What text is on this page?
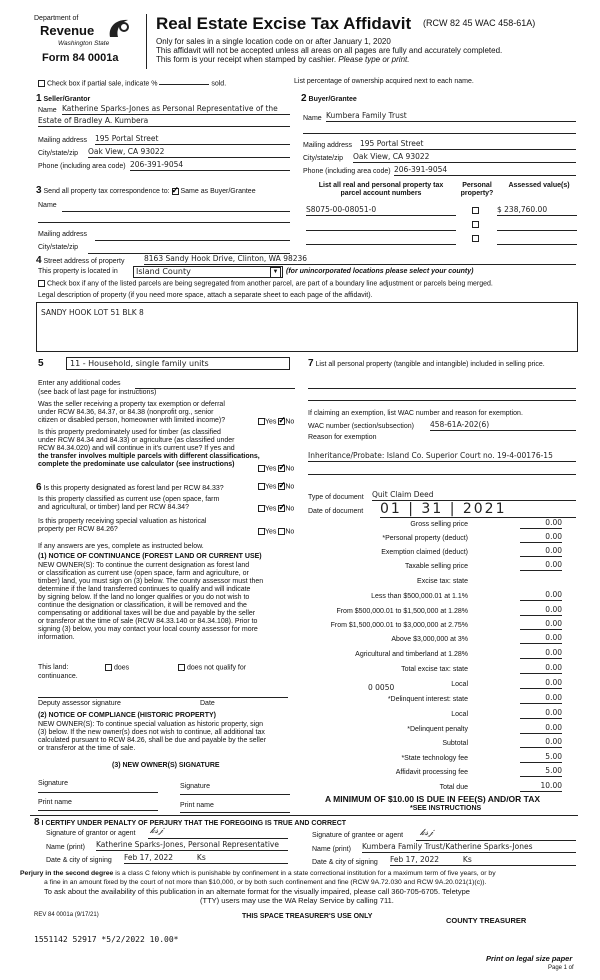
Department of
Revenue
Washington State
Form 84 0001a
Real Estate Excise Tax Affidavit (RCW 82 45 WAC 458-61A)
Only for sales in a single location code on or after January 1, 2020
This affidavit will not be accepted unless all areas on all pages are fully and accurately completed.
This form is your receipt when stamped by cashier. Please type or print.
Check box if partial sale, indicate %	sold.	List percentage of ownership acquired next to each name.
1 Seller/Grantor
Name Katherine Sparks-Jones as Personal Representative of the
Estate of Bradley A. Kumbera
Mailing address 195 Portal Street
City/state/zip Oak View, CA 93022
Phone (including area code) 206-391-9054
2 Buyer/Grantee
Name Kumbera Family Trust
Mailing address 195 Portal Street
City/state/zip Oak View, CA 93022
Phone (including area code) 206-391-9054
3 Send all property tax correspondence to: ✓ Same as Buyer/Grantee
Name
Mailing address
City/state/zip
List all real and personal property tax parcel account numbers
Personal property?
Assessed value(s)
S8075-00-08051-0	$ 238,760.00
4 Street address of property	8163 Sandy Hook Drive, Clinton, WA 98236
This property is located in Island County	▼	(for unincorporated locations please select your county)
Check box if any of the listed parcels are being segregated from another parcel, are part of a boundary line adjustment or parcels being merged.
Legal description of property (if you need more space, attach a separate sheet to each page of the affidavit).
SANDY HOOK LOT 51 BLK 8
5	11 - Household, single family units
Enter any additional codes
(see back of last page for instructions)
Was the seller receiving a property tax exemption or deferral
under RCW 84.36, 84.37, or 84.38 (nonprofit org., senior
citizen or disabled person, homeowner with limited income)?	Yes ✓ No
Is this property predominately used for timber (as classified
under RCW 84.34 and 84.33) or agriculture (as classified under
RCW 84.34.020) and will continue in it's current use? If yes and
the transfer involves multiple parcels with different classifications,
complete the predominate use calculator (see instructions)
Yes ✓ No
6 Is this property designated as forest land per RCW 84.33?	Yes ✓ No
Is this property classified as current use (open space, farm
and agricultural, or timber) land per RCW 84.34?	Yes ✓ No
Is this property receiving special valuation as historical
property per RCW 84.26?	Yes No
If any answers are yes, complete as instructed below.
(1) NOTICE OF CONTINUANCE (FOREST LAND OR CURRENT USE)
NEW OWNER(S): To continue the current designation as forest land
or classification as current use (open space, farm and agriculture, or
timber) land, you must sign on (3) below. The county assessor must then
determine if the land transferred continues to qualify and will indicate
by signing below. If the land no longer qualifies or you do not wish to
continue the designation or classification, it will be removed and the
compensating or additional taxes will be due and payable by the seller
or transferor at the time of sale (RCW 84.33.140 or 84.34.108). Prior to
signing (3) below, you may contact your local county assessor for more
information.
This land:
continuance.
does	does not qualify for
Deputy assessor signature	Date
(2) NOTICE OF COMPLIANCE (HISTORIC PROPERTY)
NEW OWNER(S): To continue special valuation as historic property, sign
(3) below. If the new owner(s) does not wish to continue, all additional tax
calculated pursuant to RCW 84.26, shall be due and payable by the seller
or transferor at the time of sale.
(3) NEW OWNER(S) SIGNATURE
Signature	Signature
Print name	Print name
7 List all personal property (tangible and intangible) included in selling price.
If claiming an exemption, list WAC number and reason for exemption.
WAC number (section/subsection) 458-61A-202(6)
Reason for exemption
Inheritance/Probate: Island Co. Superior Court no. 19-4-00176-15
Type of document Quit Claim Deed
Date of document 01 | 31 | 2021
Gross selling price	0.00
*Personal property (deduct)	0.00
Exemption claimed (deduct)	0.00
Taxable selling price	0.00
Excise tax: state
Less than $500,000.01 at 1.1%	0.00
From $500,000.01 to $1,500,000 at 1.28%	0.00
From $1,500,000.01 to $3,000,000 at 2.75%	0.00
Above $3,000,000 at 3%	0.00
Agricultural and timberland at 1.28%	0.00
Total excise tax: state	0.00
Local	0.00
*Delinquent interest: state	0.00
Local	0.00
*Delinquent penalty	0.00
Subtotal	0.00
*State technology fee	5.00
Affidavit processing fee	5.00
Total due	10.00
0 0050
A MINIMUM OF $10.00 IS DUE IN FEE(S) AND/OR TAX
*SEE INSTRUCTIONS
8 I CERTIFY UNDER PENALTY OF PERJURY THAT THE FOREGOING IS TRUE AND CORRECT
Signature of grantor or agent 𝓀𝓈𝒿
Name (print) Katherine Sparks-Jones, Personal Representative
Date & city of signing Feb 17, 2022	Ks
Signature of grantee or agent 𝓀𝓈𝒿
Name (print) Kumbera Family Trust/Katherine Sparks-Jones
Date & city of signing Feb 17, 2022	Ks
Perjury in the second degree is a class C felony which is punishable by confinement in a state correctional institution for a maximum term of five years, or by
a fine in an amount fixed by the court of not more than $10,000, or by both such confinement and fine (RCW 9A.72.030 and RCW 9A.20.021(1)(c)).
To ask about the availability of this publication in an alternate format for the visually impaired, please call 360-705-6705. Teletype
(TTY) users may use the WA Relay Service by calling 711.
REV 84 0001a (9/17/21)	THIS SPACE TREASURER'S USE ONLY	COUNTY TREASURER
1551142 52917 *5/2/2022 10.00*
Print on legal size paper
Page 1 of
